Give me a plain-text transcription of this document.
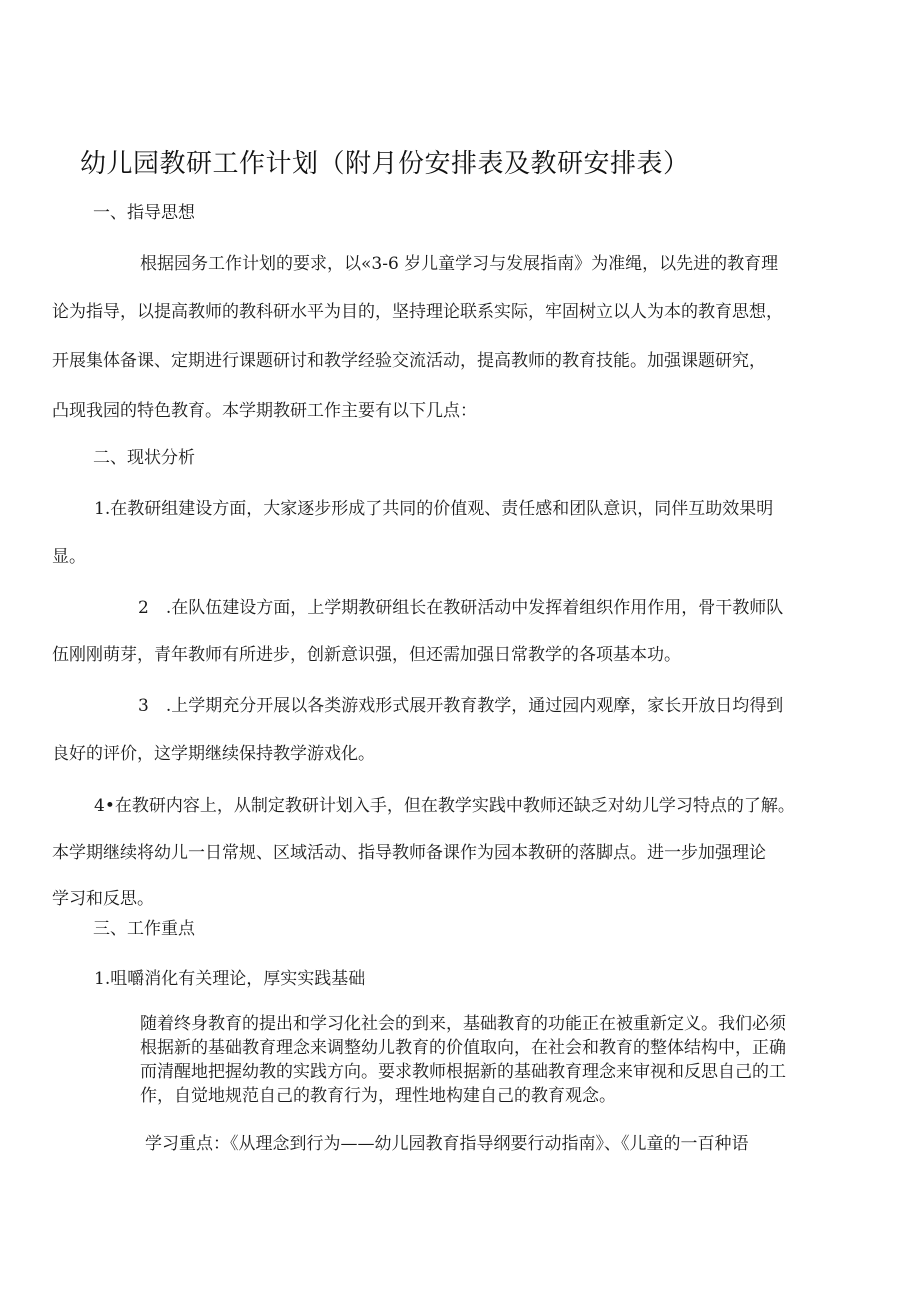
幼儿园教研工作计划（附月份安排表及教研安排表）

一、指导思想

根据园务工作计划的要求，以«3-6 岁儿童学习与发展指南》为准绳，以先进的教育理

论为指导，以提高教师的教科研水平为目的，坚持理论联系实际，牢固树立以人为本的教育思想，

开展集体备课、定期进行课题研讨和教学经验交流活动，提高教师的教育技能。加强课题研究，

凸现我园的特色教育。本学期教研工作主要有以下几点：

二、现状分析

1.在教研组建设方面，大家逐步形成了共同的价值观、责任感和团队意识，同伴互助效果明

显。

2　.在队伍建设方面，上学期教研组长在教研活动中发挥着组织作用作用，骨干教师队

伍刚刚萌芽，青年教师有所进步，创新意识强，但还需加强日常教学的各项基本功。

3　.上学期充分开展以各类游戏形式展开教育教学，通过园内观摩，家长开放日均得到

良好的评价，这学期继续保持教学游戏化。

4•在教研内容上，从制定教研计划入手，但在教学实践中教师还缺乏对幼儿学习特点的了解。

本学期继续将幼儿一日常规、区域活动、指导教师备课作为园本教研的落脚点。进一步加强理论

学习和反思。

三、工作重点

1.咀嚼消化有关理论，厚实实践基础

随着终身教育的提出和学习化社会的到来，基础教育的功能正在被重新定义。我们必须
根据新的基础教育理念来调整幼儿教育的价值取向，在社会和教育的整体结构中，正确
而清醒地把握幼教的实践方向。要求教师根据新的基础教育理念来审视和反思自己的工
作，自觉地规范自己的教育行为，理性地构建自己的教育观念。

学习重点：《从理念到行为——幼儿园教育指导纲要行动指南》、《儿童的一百种语
